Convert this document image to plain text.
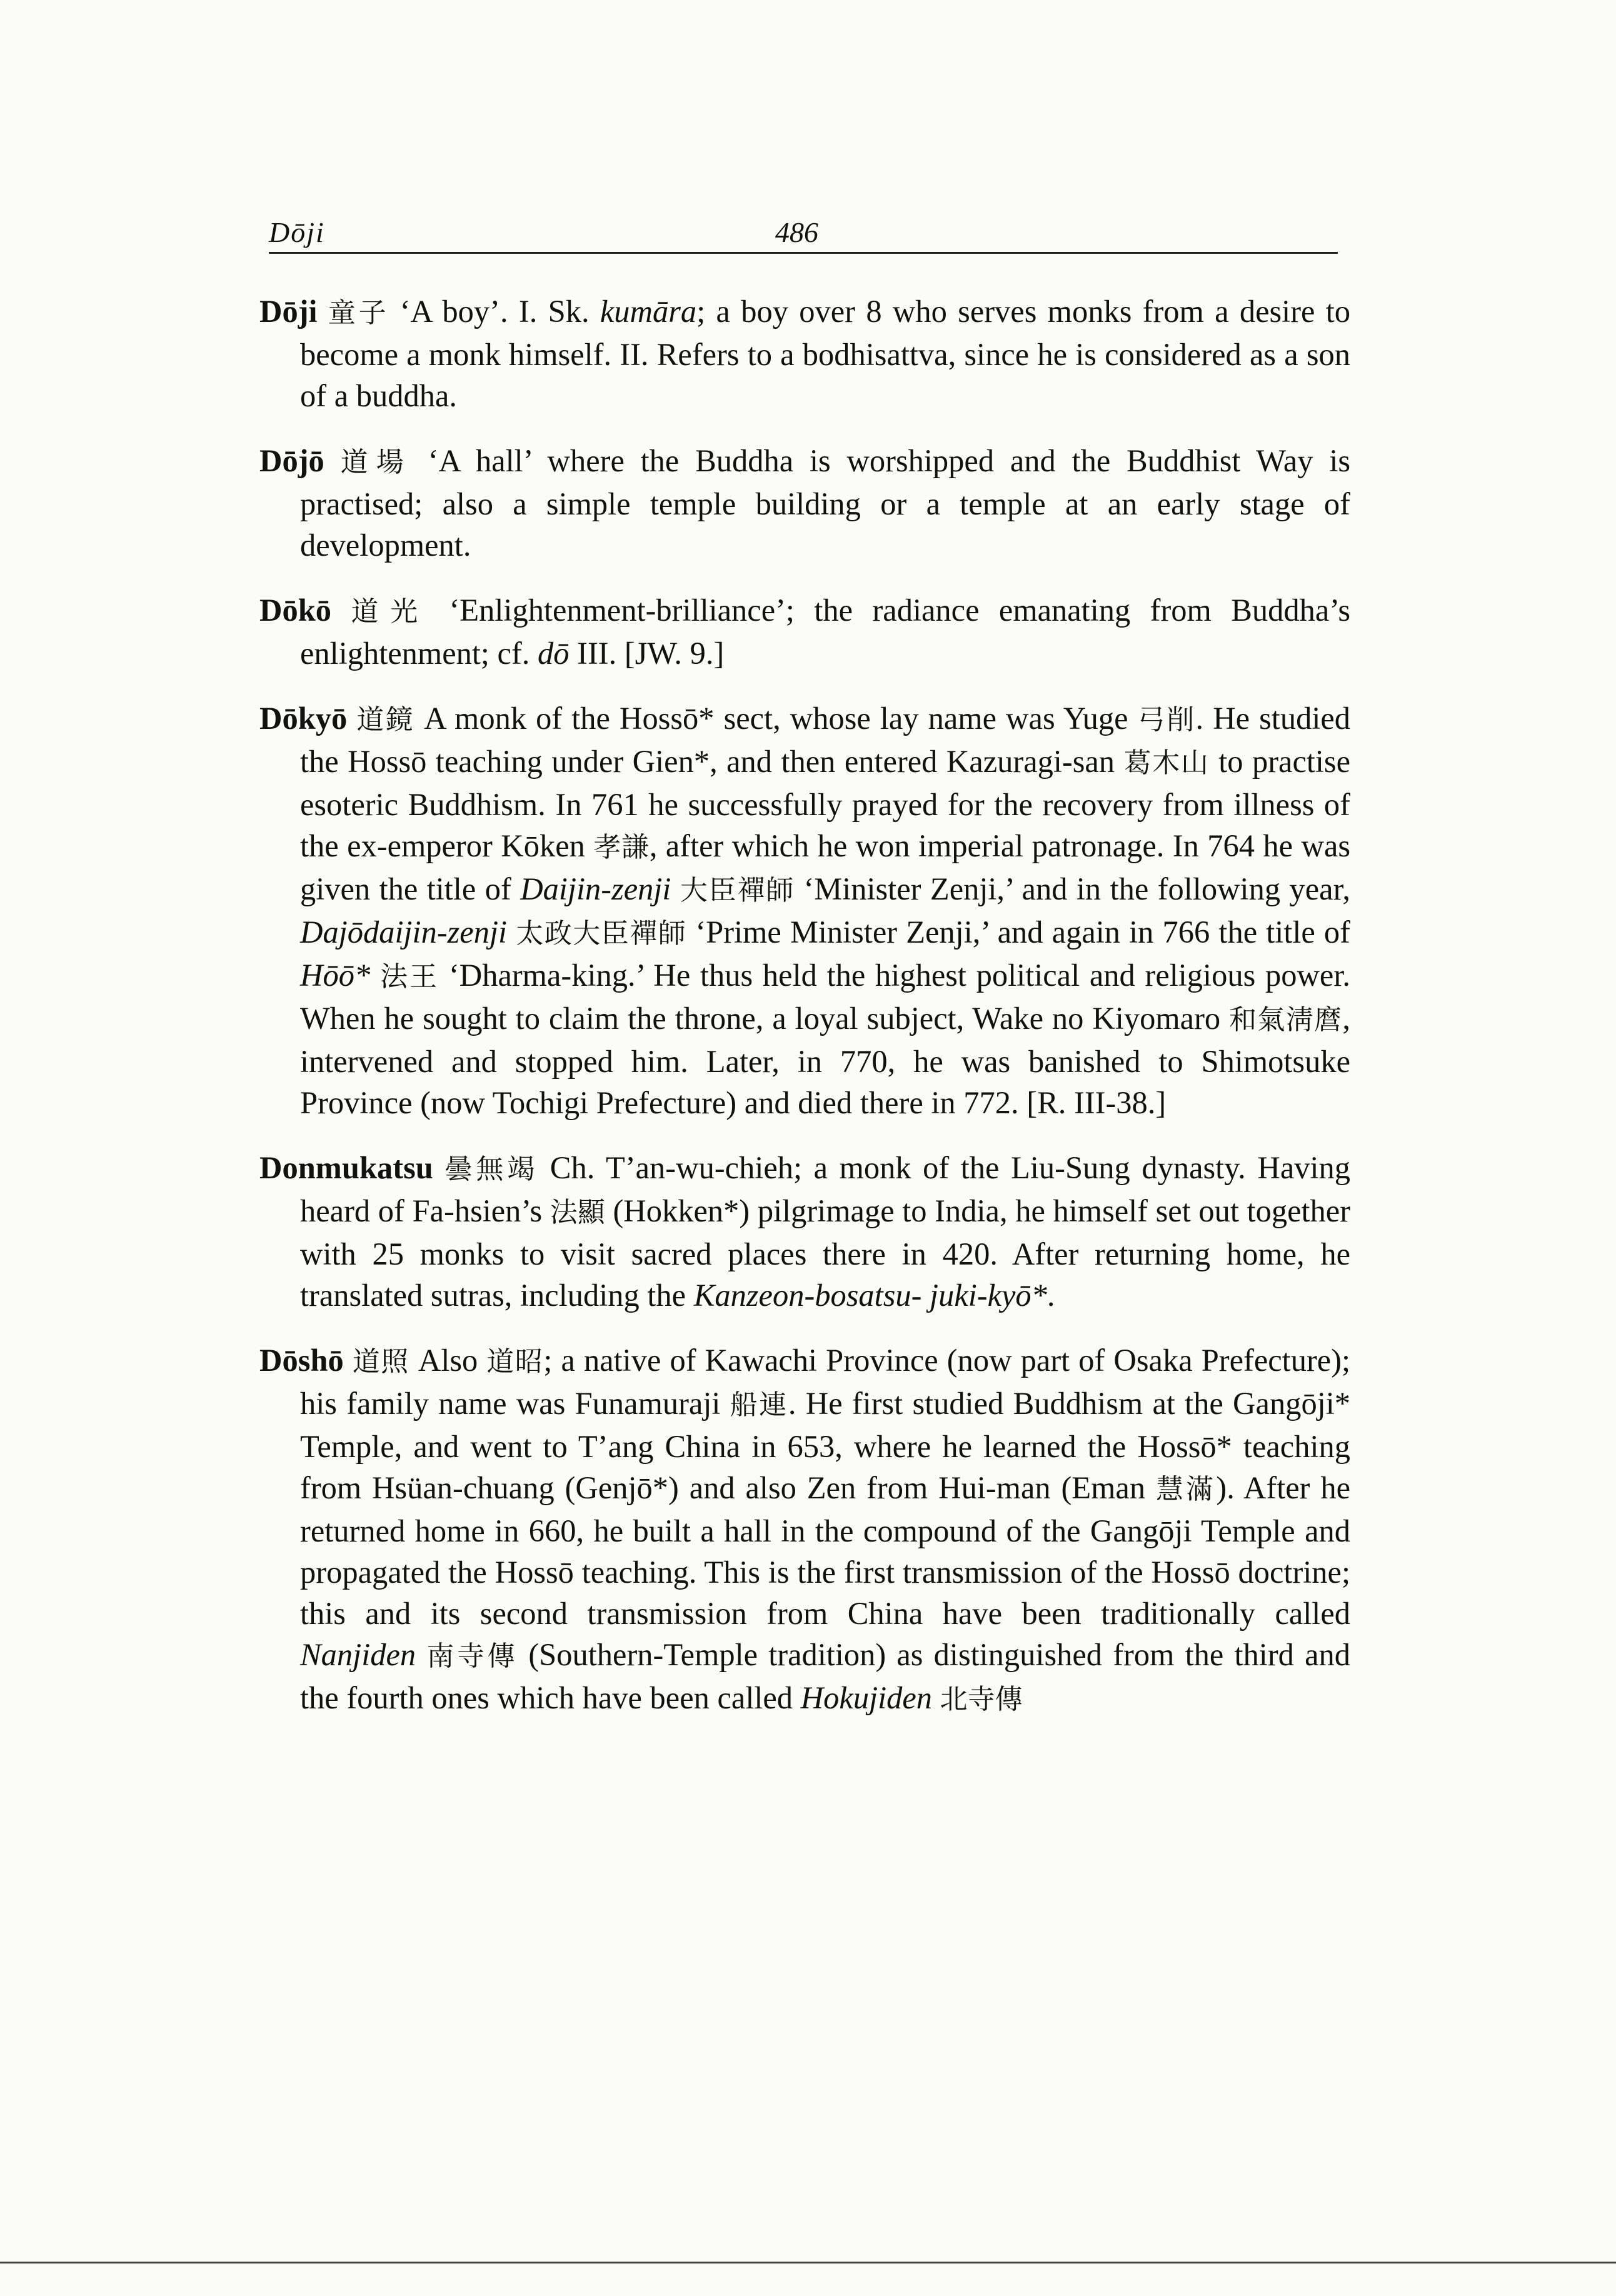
Dōji	486

Dōji 童子 ‘A boy’. I. Sk. kumāra; a boy over 8 who serves monks from a desire to become a monk himself. II. Refers to a bodhisattva, since he is considered as a son of a buddha.

Dōjō 道場 ‘A hall’ where the Buddha is worshipped and the Buddhist Way is practised; also a simple temple building or a temple at an early stage of development.

Dōkō 道光 ‘Enlightenment-brilliance’; the radiance emanating from Buddha’s enlightenment; cf. dō III. [JW. 9.]

Dōkyō 道鏡 A monk of the Hossō* sect, whose lay name was Yuge 弓削. He studied the Hossō teaching under Gien*, and then entered Kazuragi-san 葛木山 to practise esoteric Buddhism. In 761 he successfully prayed for the recovery from illness of the ex-emperor Kōken 孝謙, after which he won imperial patronage. In 764 he was given the title of Daijin-zenji 大臣禪師 ‘Minister Zenji,’ and in the following year, Dajōdaijin-zenji 太政大臣禪師 ‘Prime Minister Zenji,’ and again in 766 the title of Hōō* 法王 ‘Dharma-king.’ He thus held the highest political and religious power. When he sought to claim the throne, a loyal subject, Wake no Kiyomaro 和氣淸麿, intervened and stopped him. Later, in 770, he was banished to Shimotsuke Province (now Tochigi Prefecture) and died there in 772. [R. III-38.]

Donmukatsu 曇無竭 Ch. T’an-wu-chieh; a monk of the Liu-Sung dynasty. Having heard of Fa-hsien’s 法顯 (Hokken*) pilgrimage to India, he himself set out together with 25 monks to visit sacred places there in 420. After returning home, he translated sutras, including the Kanzeon-bosatsu- juki-kyō*.

Dōshō 道照 Also 道昭; a native of Kawachi Province (now part of Osaka Prefecture); his family name was Funamuraji 船連. He first studied Buddhism at the Gangōji* Temple, and went to T’ang China in 653, where he learned the Hossō* teaching from Hsüan-chuang (Genjō*) and also Zen from Hui-man (Eman 慧滿). After he returned home in 660, he built a hall in the compound of the Gangōji Temple and propagated the Hossō teaching. This is the first transmission of the Hossō doctrine; this and its second transmission from China have been traditionally called Nanjiden 南寺傳 (Southern-Temple tradition) as distinguished from the third and the fourth ones which have been called Hokujiden 北寺傳
